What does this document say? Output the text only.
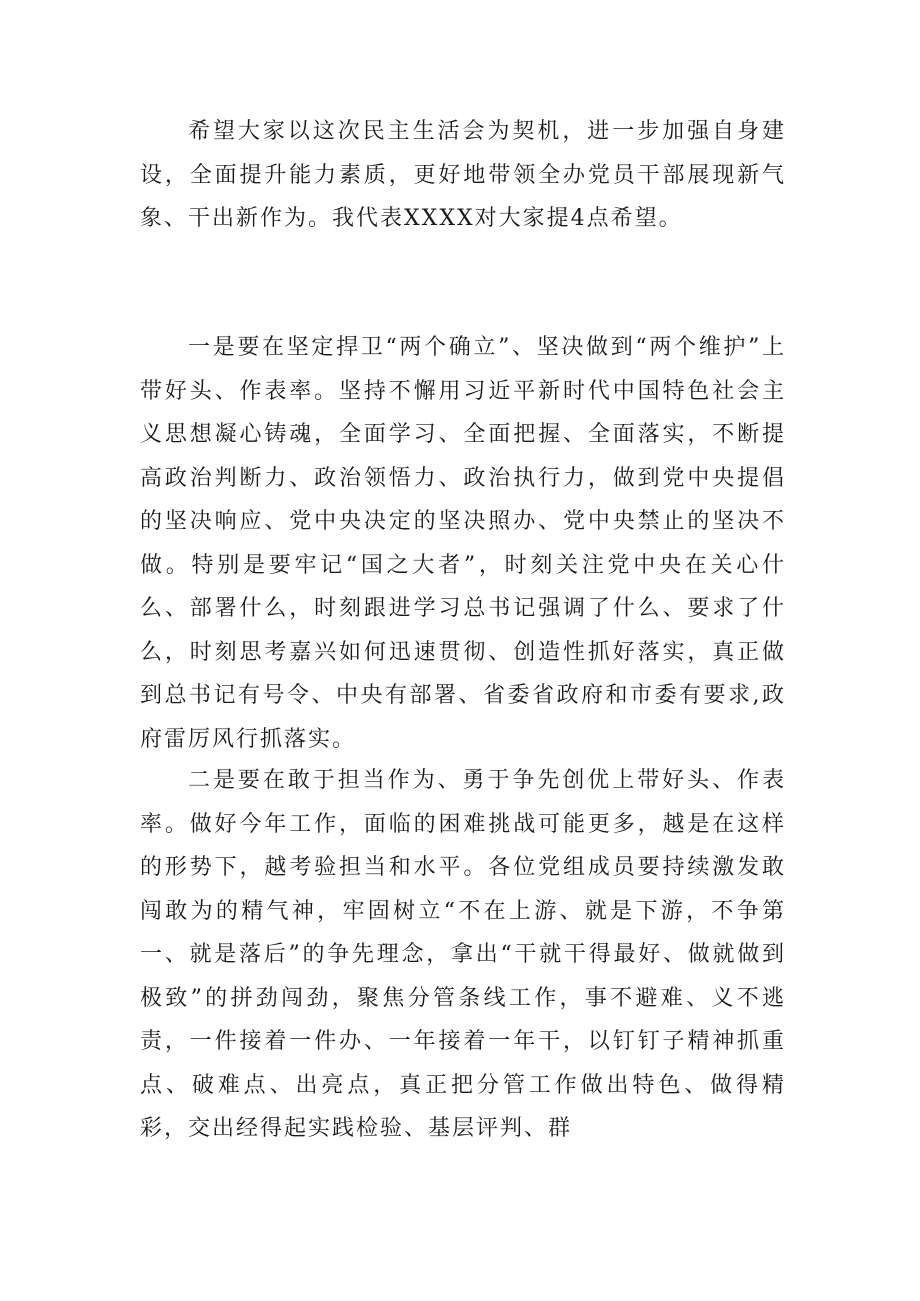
希望大家以这次民主生活会为契机，进一步加强自身建设，全面提升能力素质，更好地带领全办党员干部展现新气象、干出新作为。我代表XXXX对大家提4点希望。

一是要在坚定捍卫“两个确立”、坚决做到“两个维护”上带好头、作表率。坚持不懈用习近平新时代中国特色社会主义思想凝心铸魂，全面学习、全面把握、全面落实，不断提高政治判断力、政治领悟力、政治执行力，做到党中央提倡的坚决响应、党中央决定的坚决照办、党中央禁止的坚决不做。特别是要牢记“国之大者”，时刻关注党中央在关心什么、部署什么，时刻跟进学习总书记强调了什么、要求了什么，时刻思考嘉兴如何迅速贯彻、创造性抓好落实，真正做到总书记有号令、中央有部署、省委省政府和市委有要求,政府雷厉风行抓落实。

二是要在敢于担当作为、勇于争先创优上带好头、作表率。做好今年工作，面临的困难挑战可能更多，越是在这样的形势下，越考验担当和水平。各位党组成员要持续激发敢闯敢为的精气神，牢固树立“不在上游、就是下游，不争第一、就是落后”的争先理念，拿出“干就干得最好、做就做到极致”的拼劲闯劲，聚焦分管条线工作，事不避难、义不逃责，一件接着一件办、一年接着一年干，以钉钉子精神抓重点、破难点、出亮点，真正把分管工作做出特色、做得精彩，交出经得起实践检验、基层评判、群
